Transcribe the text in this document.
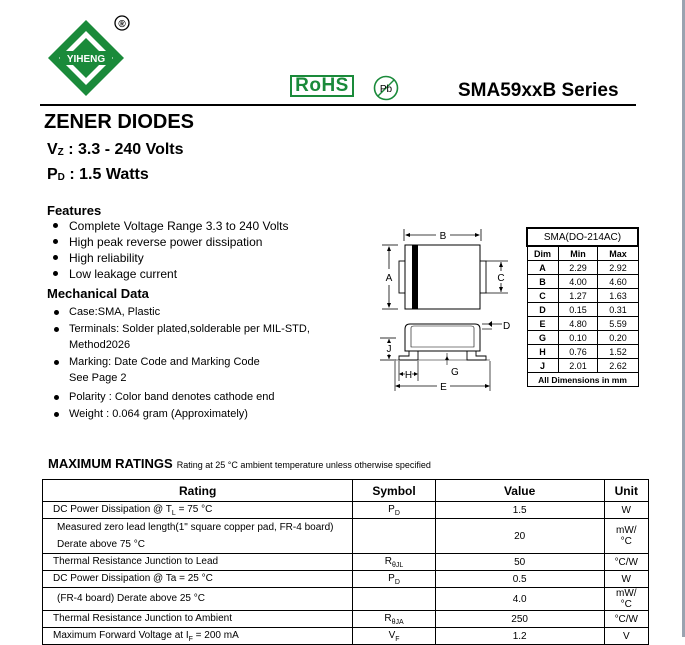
YIHENG
®
RoHS	Pb	SMA59xxB Series
ZENER DIODES
$V_Z$ : 3.3 - 240 Volts
$P_D$ : 1.5 Watts
Features
Complete Voltage Range 3.3 to 240 Volts
High peak reverse power dissipation
High reliability
Low leakage current
Mechanical Data
Case:SMA, Plastic
Terminals: Solder plated,solderable per MIL-STD,
Method2026
Marking: Date Code and Marking Code
See Page 2
Polarity : Color band denotes cathode end
Weight : 0.064 gram (Approximately)
B
A	C
D
J
H	G
E
SMA(DO-214AC)		
Dim	Min	Max
A	2.29	2.92
B	4.00	4.60
C	1.27	1.63
D	0.15	0.31
E	4.80	5.59
G	0.10	0.20
H	0.76	1.52
J	2.01	2.62
All Dimensions in mm		
MAXIMUM RATINGS Rating at 25 °C ambient temperature unless otherwise specified
Rating	Symbol	Value	Unit
DC Power Dissipation @ $T_L = 75$ °C	$P_D$	1.5	W
Measured zero lead length(1" square copper pad, FR-4 board)
Derate above 75 °C		20	mW/°C
Thermal Resistance Junction to Lead	$R_{\theta JL}$	50	°C/W
DC Power Dissipation @ Ta = 25 °C	$P_D$	0.5	W
(FR-4 board) Derate above 25 °C		4.0	mW/°C
Thermal Resistance Junction to Ambient	$R_{\theta JA}$	250	°C/W
Maximum Forward Voltage at $I_F = 200$ mA	$V_F$	1.2	V
